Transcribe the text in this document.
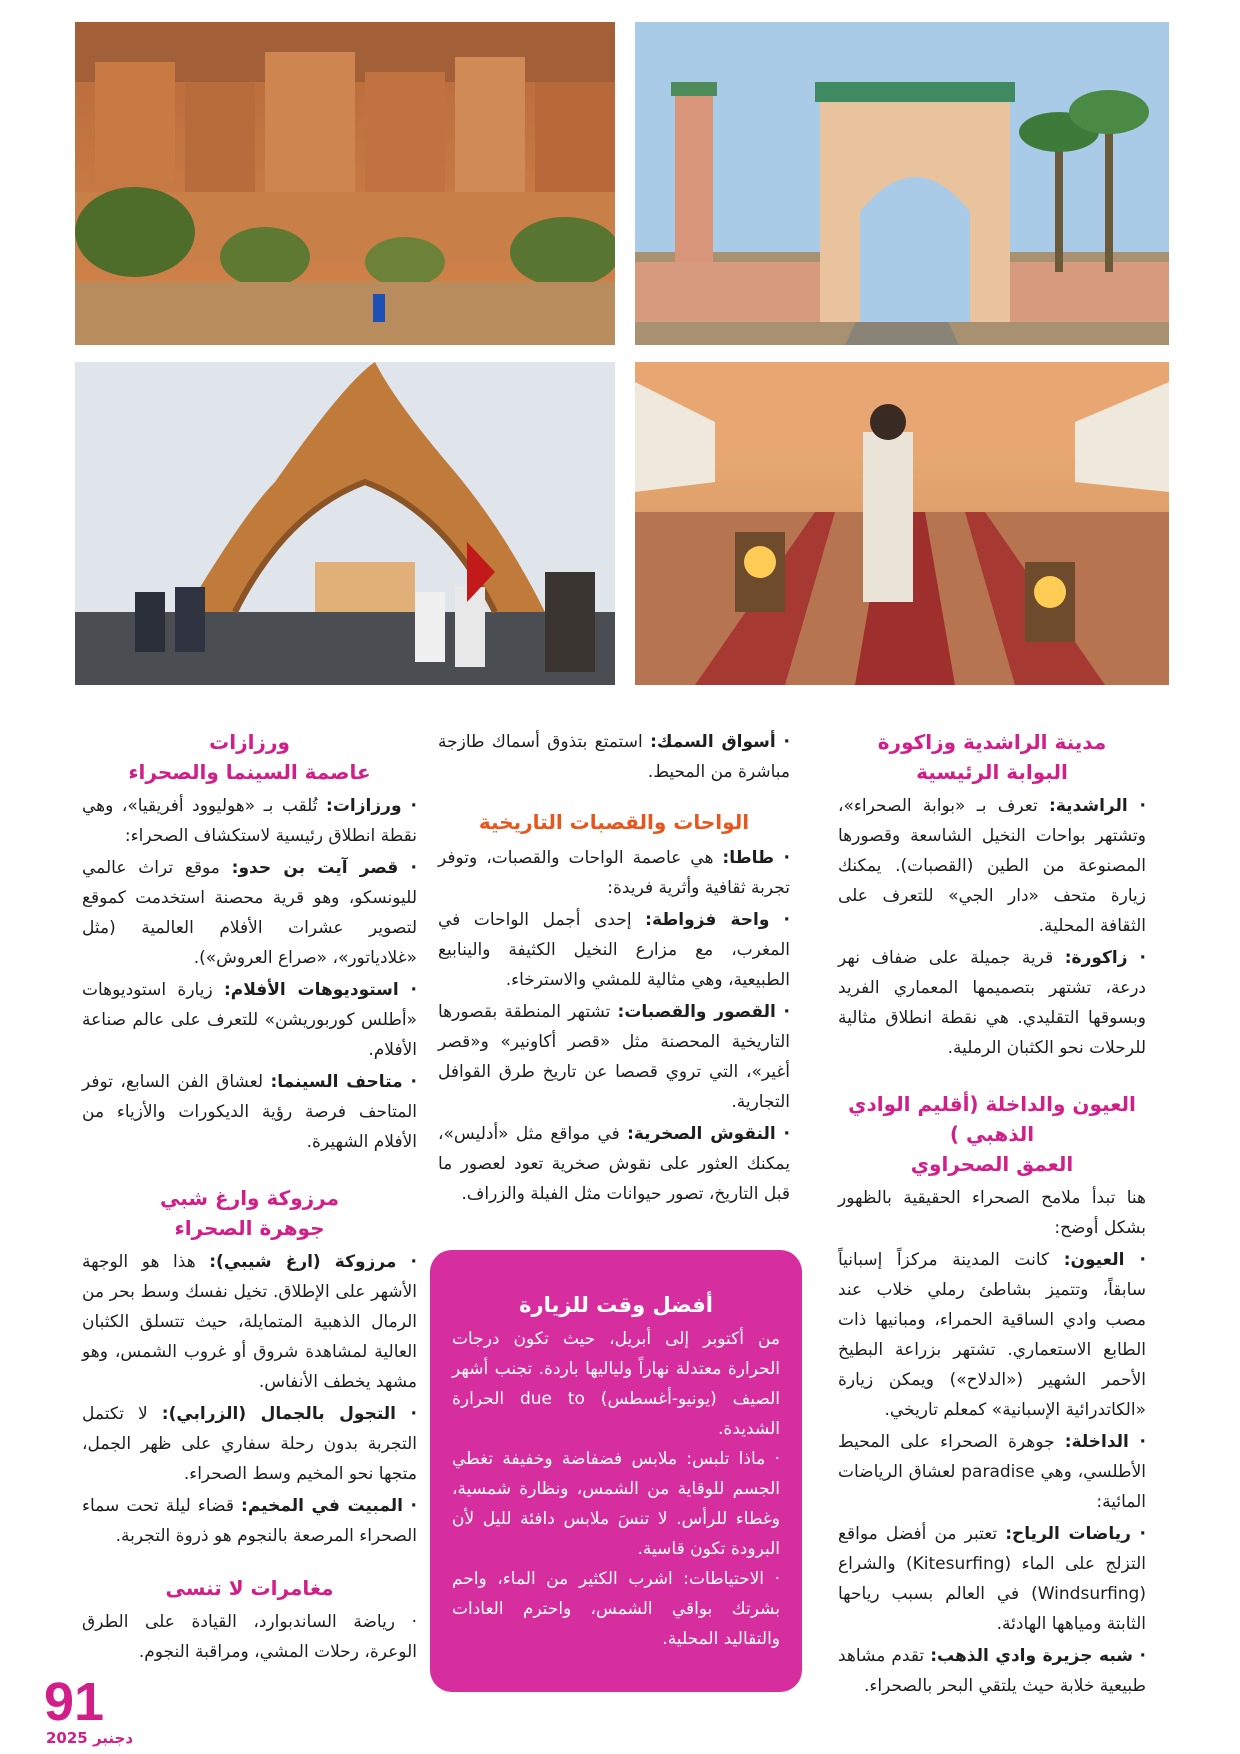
مدينة الراشدية وزاكورة
البوابة الرئيسية

· الراشدية: تعرف بـ «بوابة الصحراء»، وتشتهر بواحات النخيل الشاسعة وقصورها المصنوعة من الطين (القصبات). يمكنك زيارة متحف «دار الجي» للتعرف على الثقافة المحلية.

· زاكورة: قرية جميلة على ضفاف نهر درعة، تشتهر بتصميمها المعماري الفريد وبسوقها التقليدي. هي نقطة انطلاق مثالية للرحلات نحو الكثبان الرملية.

العيون والداخلة (أقليم الوادي الذهبي )
العمق الصحراوي

هنا تبدأ ملامح الصحراء الحقيقية بالظهور بشكل أوضح:

· العيون: كانت المدينة مركزاً إسبانياً سابقاً، وتتميز بشاطئ رملي خلاب عند مصب وادي الساقية الحمراء، ومبانيها ذات الطابع الاستعماري. تشتهر بزراعة البطيخ الأحمر الشهير («الدلاح») ويمكن زيارة «الكاتدرائية الإسبانية» كمعلم تاريخي.

· الداخلة: جوهرة الصحراء على المحيط الأطلسي، وهي paradise لعشاق الرياضات المائية:

· رياضات الرياح: تعتبر من أفضل مواقع التزلج على الماء (Kitesurfing) والشراع (Windsurfing) في العالم بسبب رياحها الثابتة ومياهها الهادئة.

· شبه جزيرة وادي الذهب: تقدم مشاهد طبيعية خلابة حيث يلتقي البحر بالصحراء.

· أسواق السمك: استمتع بتذوق أسماك طازجة مباشرة من المحيط.

الواحات والقصبات التاريخية

· طاطا: هي عاصمة الواحات والقصبات، وتوفر تجربة ثقافية وأثرية فريدة:

· واحة فزواطة: إحدى أجمل الواحات في المغرب، مع مزارع النخيل الكثيفة والينابيع الطبيعية، وهي مثالية للمشي والاسترخاء.

· القصور والقصبات: تشتهر المنطقة بقصورها التاريخية المحصنة مثل «قصر أكاونير» و«قصر أغير»، التي تروي قصصا عن تاريخ طرق القوافل التجارية.

· النقوش الصخرية: في مواقع مثل «أدليس»، يمكنك العثور على نقوش صخرية تعود لعصور ما قبل التاريخ، تصور حيوانات مثل الفيلة والزراف.

ورزازات
عاصمة السينما والصحراء

· ورزازات: تُلقب بـ «هوليوود أفريقيا»، وهي نقطة انطلاق رئيسية لاستكشاف الصحراء:

· قصر آيت بن حدو: موقع تراث عالمي لليونسكو، وهو قرية محصنة استخدمت كموقع لتصوير عشرات الأفلام العالمية (مثل «غلادياتور»، «صراع العروش»).

· استوديوهات الأفلام: زيارة استوديوهات «أطلس كوربوريشن» للتعرف على عالم صناعة الأفلام.

· متاحف السينما: لعشاق الفن السابع، توفر المتاحف فرصة رؤية الديكورات والأزياء من الأفلام الشهيرة.

مرزوكة وارغ شبي
جوهرة الصحراء

· مرزوكة (ارغ شيبي): هذا هو الوجهة الأشهر على الإطلاق. تخيل نفسك وسط بحر من الرمال الذهبية المتمايلة، حيث تتسلق الكثبان العالية لمشاهدة شروق أو غروب الشمس، وهو مشهد يخطف الأنفاس.

· التجول بالجمال (الزرابي): لا تكتمل التجربة بدون رحلة سفاري على ظهر الجمل، متجها نحو المخيم وسط الصحراء.

· المبيت في المخيم: قضاء ليلة تحت سماء الصحراء المرصعة بالنجوم هو ذروة التجربة.

مغامرات لا تنسى

· رياضة الساندبوارد، القيادة على الطرق الوعرة، رحلات المشي، ومراقبة النجوم.

أفضل وقت للزيارة

من أكتوبر إلى أبريل، حيث تكون درجات الحرارة معتدلة نهاراً ولياليها باردة. تجنب أشهر الصيف (يونيو-أغسطس) due to الحرارة الشديدة.

· ماذا تلبس: ملابس فضفاضة وخفيفة تغطي الجسم للوقاية من الشمس، ونظارة شمسية، وغطاء للرأس. لا تنسَ ملابس دافئة لليل لأن البرودة تكون قاسية.

· الاحتياطات: اشرب الكثير من الماء، واحم بشرتك بواقي الشمس، واحترم العادات والتقاليد المحلية.

91
دجنبر 2025
